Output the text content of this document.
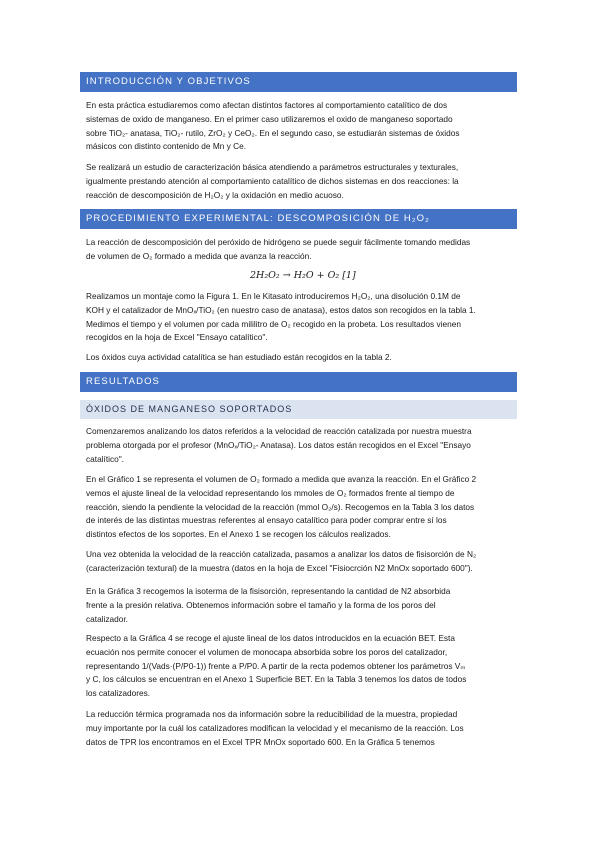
INTRODUCCIÓN Y OBJETIVOS

En esta práctica estudiaremos como afectan distintos factores al comportamiento catalítico de dos
sistemas de oxido de manganeso. En el primer caso utilizaremos el oxido de manganeso soportado
sobre TiO₂- anatasa, TiO₂- rutilo, ZrO₂ y CeO₂. En el segundo caso, se estudiarán sistemas de óxidos
másicos con distinto contenido de Mn y Ce.

Se realizará un estudio de caracterización básica atendiendo a parámetros estructurales y texturales,
igualmente prestando atención al comportamiento catalítico de dichos sistemas en dos reacciones: la
reacción de descomposición de H₂O₂ y la oxidación en medio acuoso.

PROCEDIMIENTO EXPERIMENTAL: DESCOMPOSICIÓN DE H₂O₂

La reacción de descomposición del peróxido de hidrógeno se puede seguir fácilmente tomando medidas
de volumen de O₂ formado a medida que avanza la reacción.

2H₂O₂ → H₂O + O₂ [1]

Realizamos un montaje como la Figura 1. En le Kitasato introduciremos H₂O₂, una disolución 0.1M de
KOH y el catalizador de MnOₓ/TiO₂ (en nuestro caso de anatasa), estos datos son recogidos en la tabla 1.
Medimos el tiempo y el volumen por cada mililitro de O₂ recogido en la probeta. Los resultados vienen
recogidos en la hoja de Excel "Ensayo catalítico".

Los óxidos cuya actividad catalítica se han estudiado están recogidos en la tabla 2.

RESULTADOS
ÓXIDOS DE MANGANESO SOPORTADOS

Comenzaremos analizando los datos referidos a la velocidad de reacción catalizada por nuestra muestra
problema otorgada por el profesor (MnOₓ/TiO₂- Anatasa). Los datos están recogidos en el Excel "Ensayo
catalítico".

En el Gráfico 1 se representa el volumen de O₂ formado a medida que avanza la reacción. En el Gráfico 2
vemos el ajuste lineal de la velocidad representando los mmoles de O₂ formados frente al tiempo de
reacción, siendo la pendiente la velocidad de la reacción (mmol O₂/s). Recogemos en la Tabla 3 los datos
de interés de las distintas muestras referentes al ensayo catalítico para poder comprar entre sí los
distintos efectos de los soportes. En el Anexo 1 se recogen los cálculos realizados.

Una vez obtenida la velocidad de la reacción catalizada, pasamos a analizar los datos de fisisorción de N₂
(caracterización textural) de la muestra (datos en la hoja de Excel "Fisiocrción N2 MnOx soportado 600").

En la Gráfica 3 recogemos la isoterma de la fisisorción, representando la cantidad de N2 absorbida
frente a la presión relativa. Obtenemos información sobre el tamaño y la forma de los poros del
catalizador.

Respecto a la Gráfica 4 se recoge el ajuste lineal de los datos introducidos en la ecuación BET. Esta
ecuación nos permite conocer el volumen de monocapa absorbida sobre los poros del catalizador,
representando 1/(Vads·(P/P0-1)) frente a P/P0. A partir de la recta podemos obtener los parámetros Vₘ
y C, los cálculos se encuentran en el Anexo 1 Superficie BET. En la Tabla 3 tenemos los datos de todos
los catalizadores.

La reducción térmica programada nos da información sobre la reducibilidad de la muestra, propiedad
muy importante por la cuál los catalizadores modifican la velocidad y el mecanismo de la reacción. Los
datos de TPR los encontramos en el Excel TPR MnOx soportado 600. En la Gráfica 5 tenemos
